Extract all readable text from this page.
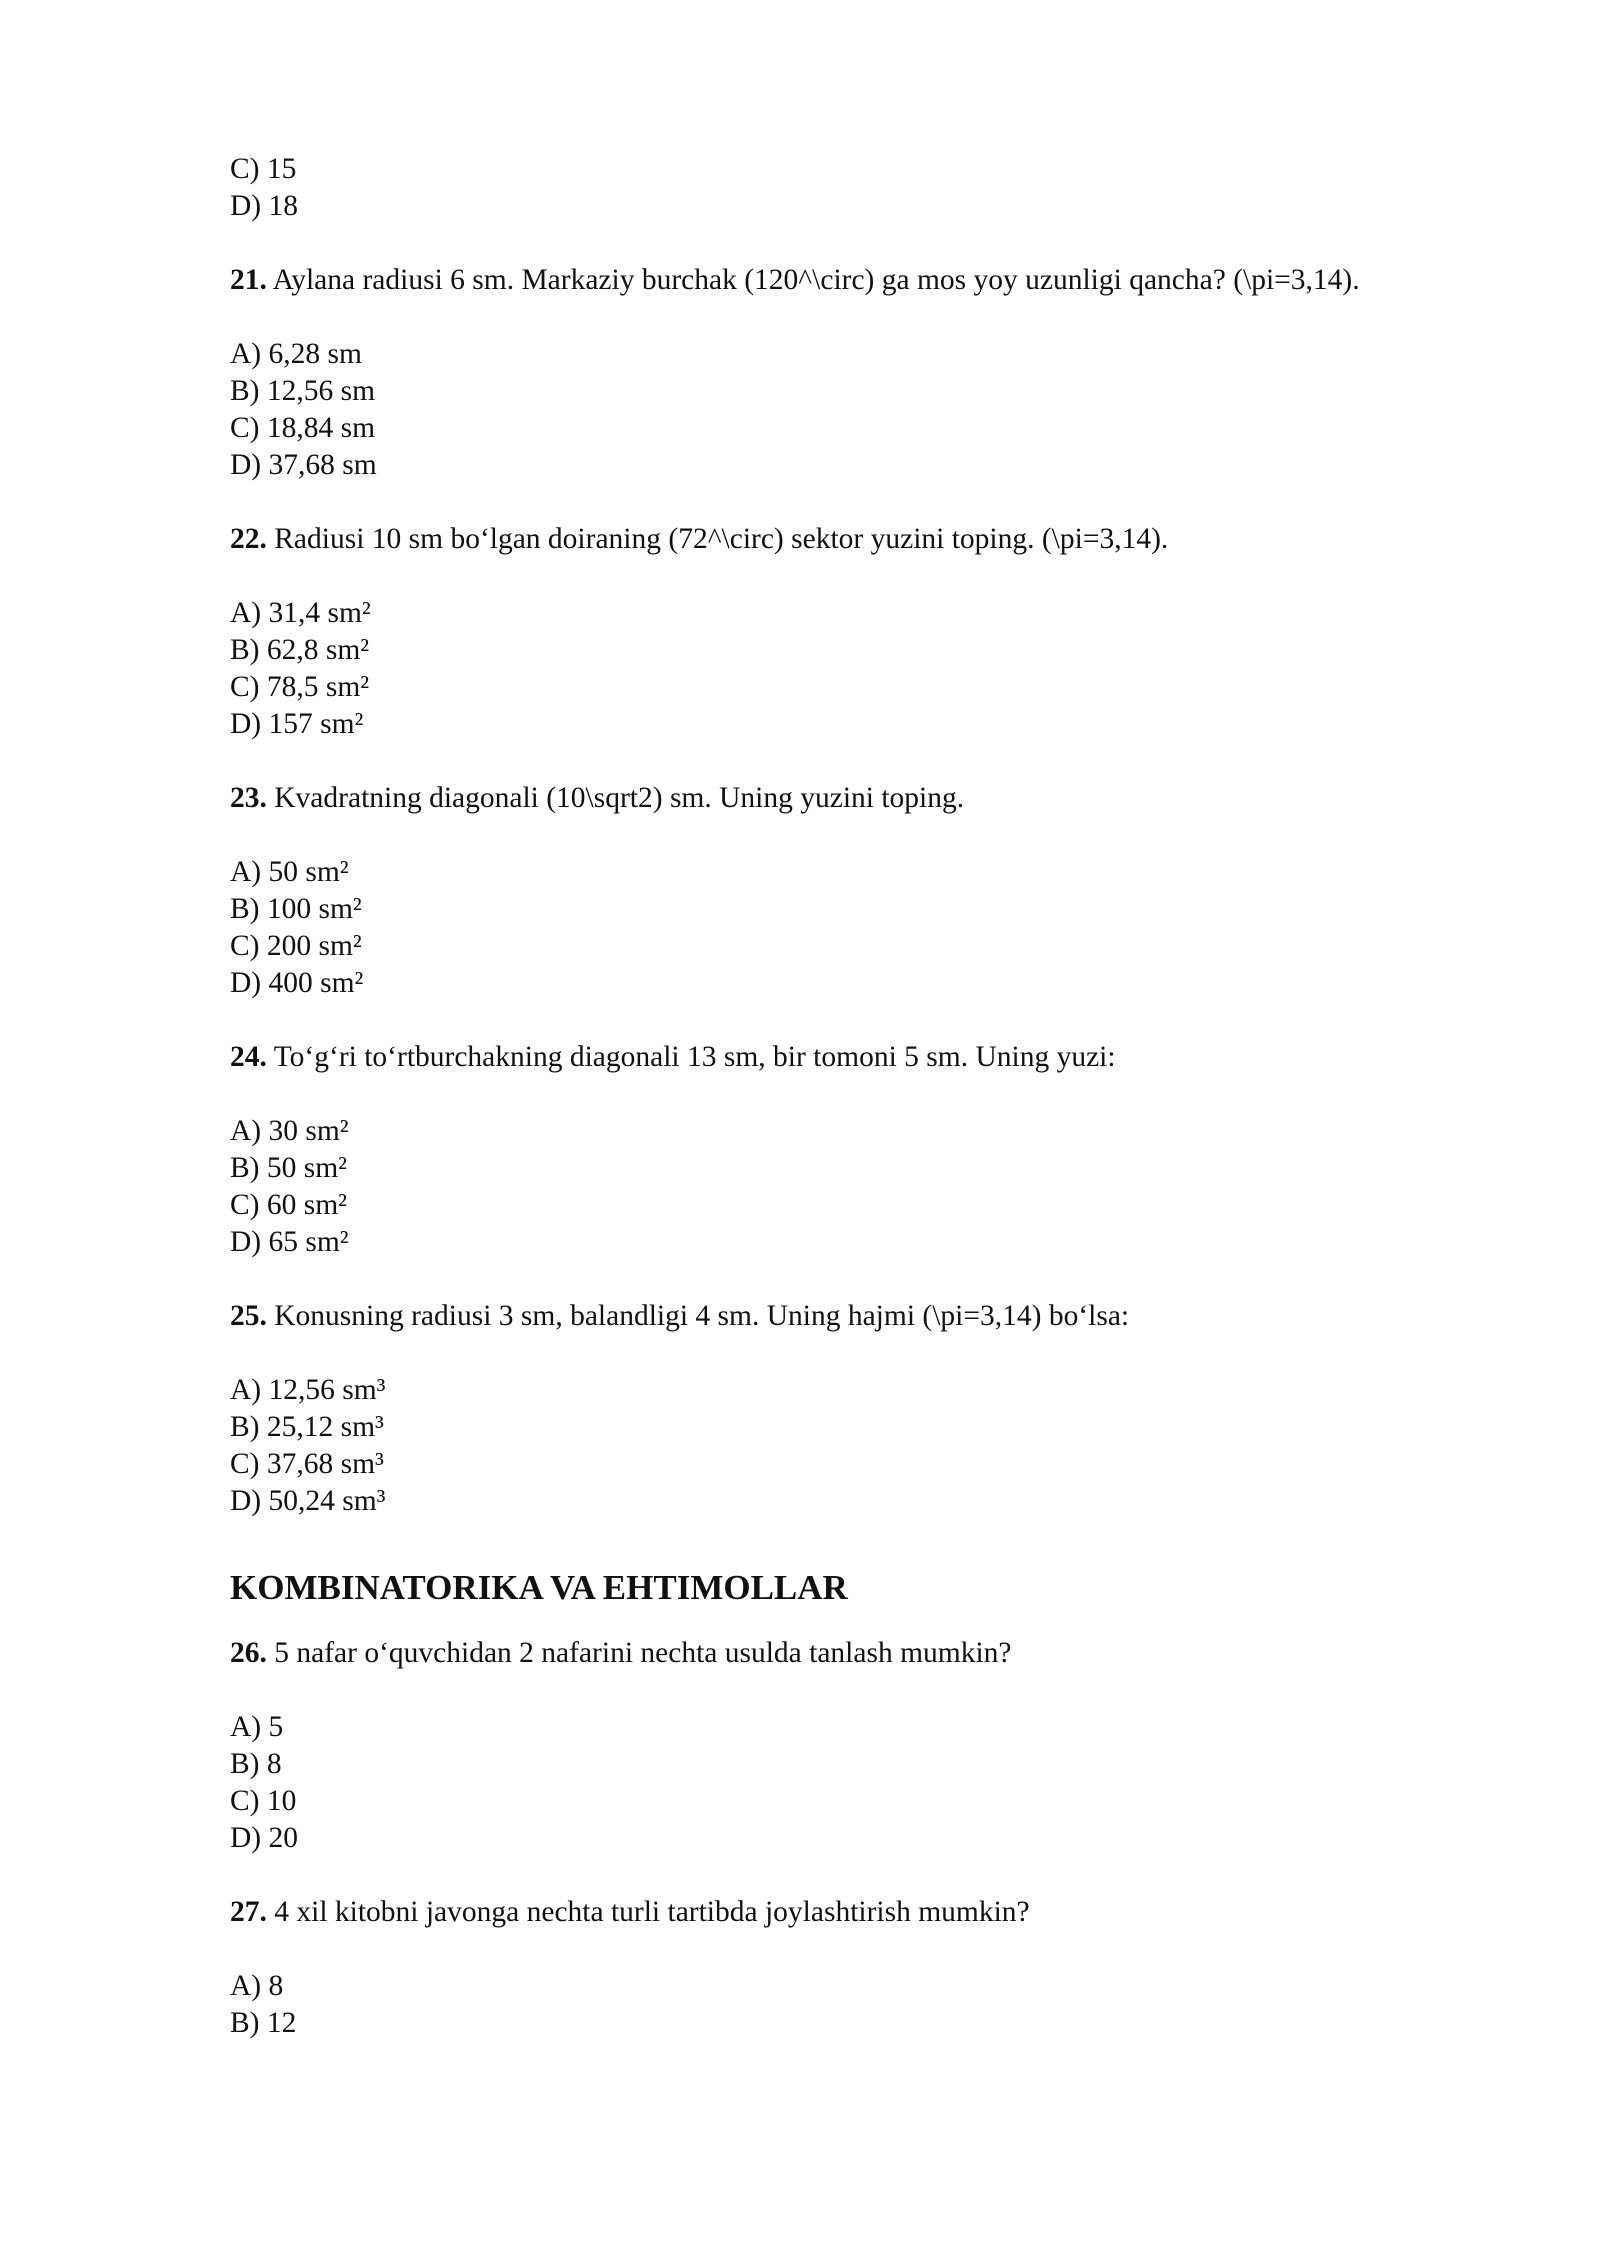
C) 15
D) 18
21. Aylana radiusi 6 sm. Markaziy burchak (120^\circ) ga mos yoy uzunligi qancha? (\pi=3,14).
A) 6,28 sm
B) 12,56 sm
C) 18,84 sm
D) 37,68 sm
22. Radiusi 10 sm bo‘lgan doiraning (72^\circ) sektor yuzini toping. (\pi=3,14).
A) 31,4 sm²
B) 62,8 sm²
C) 78,5 sm²
D) 157 sm²
23. Kvadratning diagonali (10\sqrt2) sm. Uning yuzini toping.
A) 50 sm²
B) 100 sm²
C) 200 sm²
D) 400 sm²
24. To‘g‘ri to‘rtburchakning diagonali 13 sm, bir tomoni 5 sm. Uning yuzi:
A) 30 sm²
B) 50 sm²
C) 60 sm²
D) 65 sm²
25. Konusning radiusi 3 sm, balandligi 4 sm. Uning hajmi (\pi=3,14) bo‘lsa:
A) 12,56 sm³
B) 25,12 sm³
C) 37,68 sm³
D) 50,24 sm³
KOMBINATORIKA VA EHTIMOLLAR
26. 5 nafar o‘quvchidan 2 nafarini nechta usulda tanlash mumkin?
A) 5
B) 8
C) 10
D) 20
27. 4 xil kitobni javonga nechta turli tartibda joylashtirish mumkin?
A) 8
B) 12
